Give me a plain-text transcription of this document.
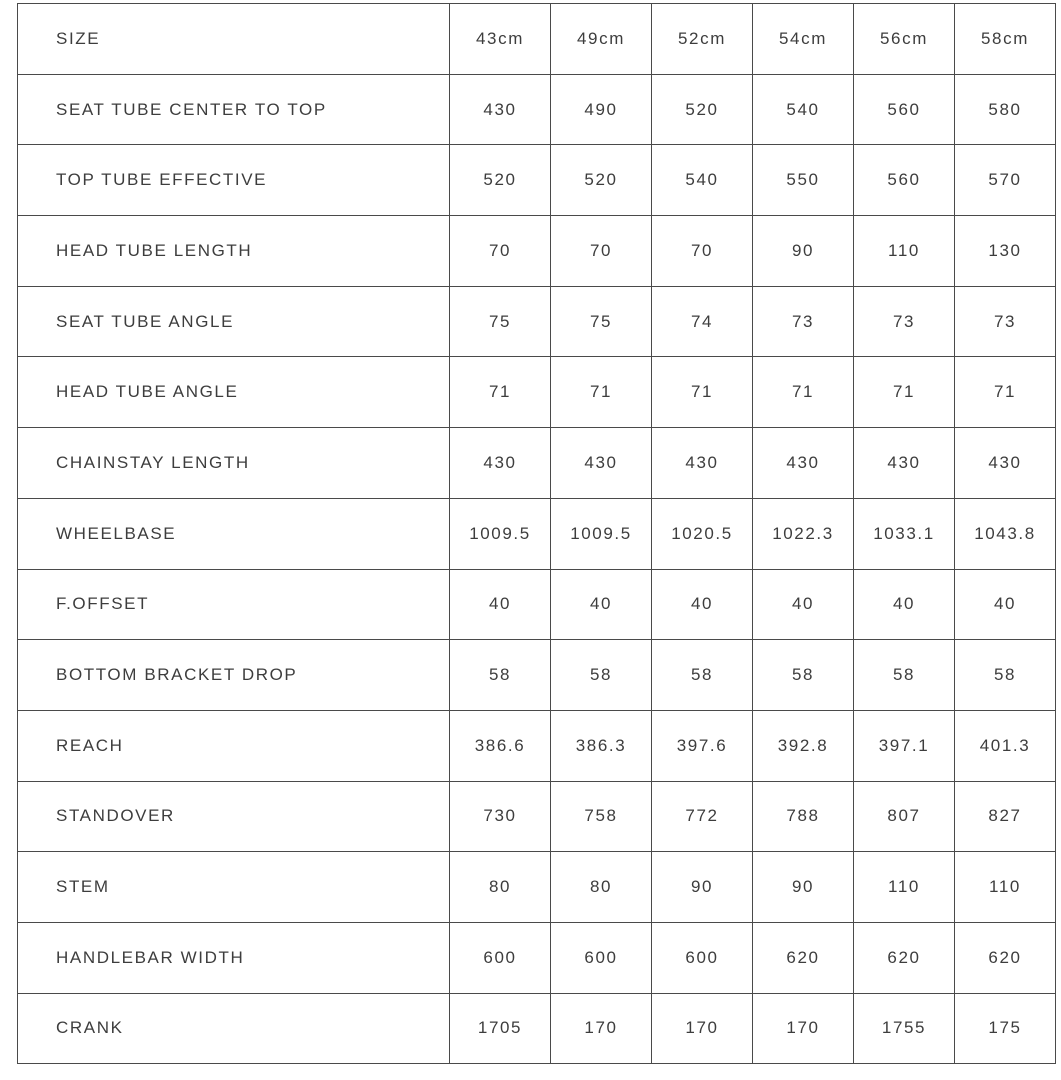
SIZE	43cm	49cm	52cm	54cm	56cm	58cm
SEAT TUBE CENTER TO TOP	430	490	520	540	560	580
TOP TUBE EFFECTIVE	520	520	540	550	560	570
HEAD TUBE LENGTH	70	70	70	90	110	130
SEAT TUBE ANGLE	75	75	74	73	73	73
HEAD TUBE ANGLE	71	71	71	71	71	71
CHAINSTAY LENGTH	430	430	430	430	430	430
WHEELBASE	1009.5	1009.5	1020.5	1022.3	1033.1	1043.8
F.OFFSET	40	40	40	40	40	40
BOTTOM BRACKET DROP	58	58	58	58	58	58
REACH	386.6	386.3	397.6	392.8	397.1	401.3
STANDOVER	730	758	772	788	807	827
STEM	80	80	90	90	110	110
HANDLEBAR WIDTH	600	600	600	620	620	620
CRANK	1705	170	170	170	1755	175
